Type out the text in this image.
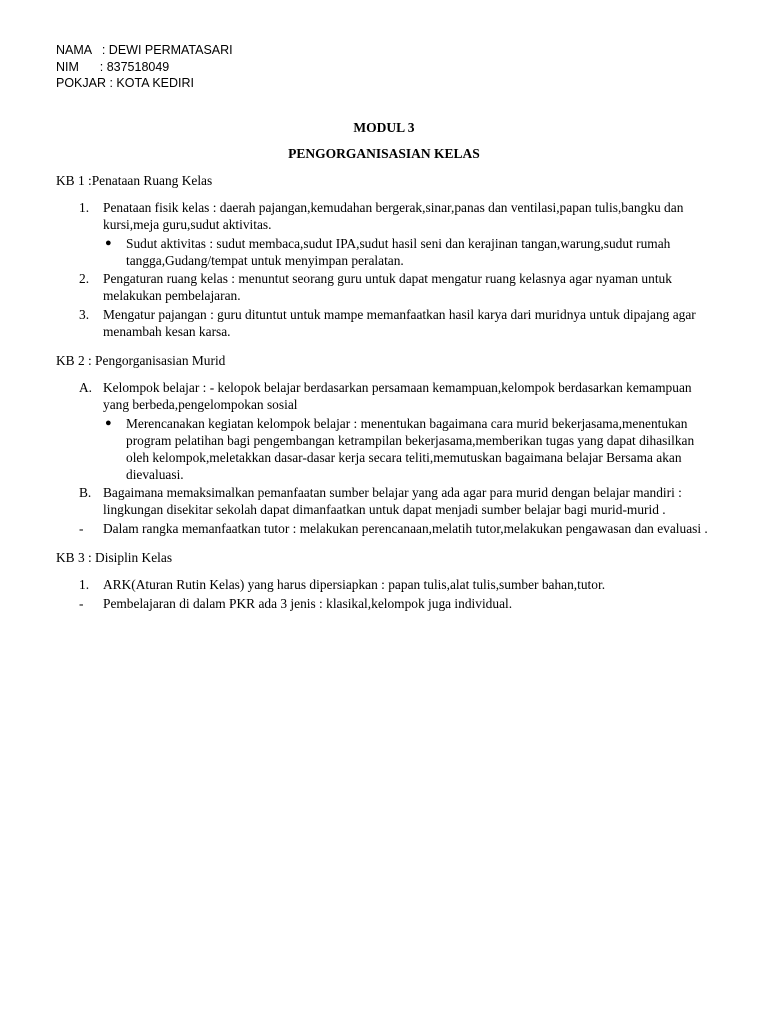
NAMA   : DEWI PERMATASARI
NIM      : 837518049
POKJAR : KOTA KEDIRI
MODUL 3
PENGORGANISASIAN KELAS
KB 1 :Penataan Ruang Kelas
1.	Penataan fisik kelas : daerah pajangan,kemudahan bergerak,sinar,panas dan ventilasi,papan tulis,bangku dan kursi,meja guru,sudut aktivitas.
●	Sudut aktivitas : sudut membaca,sudut IPA,sudut hasil seni dan kerajinan tangan,warung,sudut rumah tangga,Gudang/tempat untuk menyimpan peralatan.
2.	Pengaturan ruang kelas : menuntut seorang guru untuk dapat mengatur ruang kelasnya agar nyaman untuk melakukan pembelajaran.
3.	Mengatur pajangan : guru dituntut untuk mampe memanfaatkan hasil karya dari muridnya untuk dipajang agar menambah kesan karsa.
KB 2 : Pengorganisasian Murid
A. Kelompok belajar : - kelopok belajar berdasarkan persamaan kemampuan,kelompok berdasarkan kemampuan yang berbeda,pengelompokan sosial
●	Merencanakan kegiatan kelompok belajar : menentukan bagaimana cara murid bekerjasama,menentukan program pelatihan bagi pengembangan ketrampilan bekerjasama,memberikan tugas yang dapat dihasilkan oleh kelompok,meletakkan dasar-dasar kerja secara teliti,memutuskan bagaimana belajar Bersama akan dievaluasi.
B. Bagaimana memaksimalkan pemanfaatan sumber belajar yang ada agar para murid dengan belajar mandiri : lingkungan disekitar sekolah dapat dimanfaatkan untuk dapat menjadi sumber belajar bagi murid-murid .
-	Dalam rangka memanfaatkan tutor : melakukan perencanaan,melatih tutor,melakukan pengawasan dan evaluasi .
KB 3 : Disiplin Kelas
1.	ARK(Aturan Rutin Kelas) yang harus dipersiapkan : papan tulis,alat tulis,sumber bahan,tutor.
-	Pembelajaran di dalam PKR ada 3 jenis : klasikal,kelompok juga individual.
